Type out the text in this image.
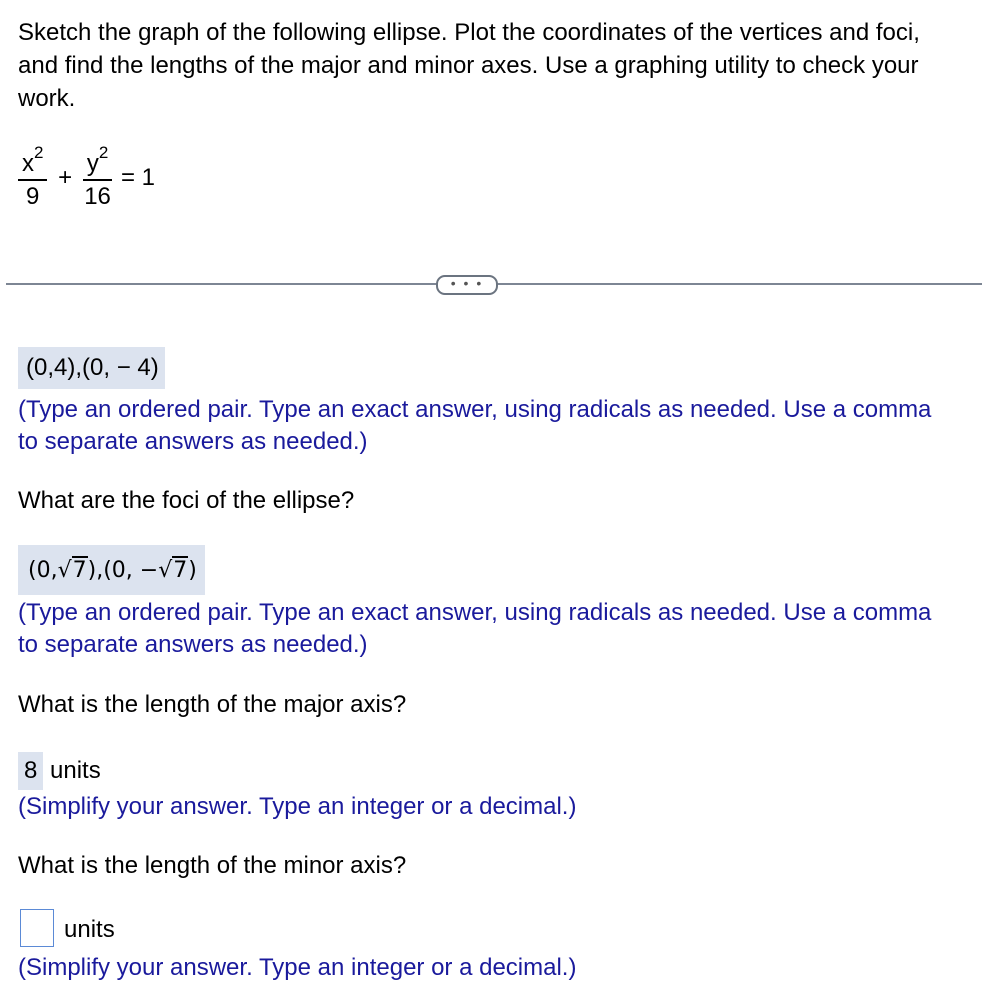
Sketch the graph of the following ellipse. Plot the coordinates of the vertices and foci, and find the lengths of the major and minor axes. Use a graphing utility to check your work.
$\frac{x^2}{9} + \frac{y^2}{16} = 1$
• • •
(0,4),(0, − 4)
(Type an ordered pair. Type an exact answer, using radicals as needed. Use a comma to separate answers as needed.)
What are the foci of the ellipse?
(0,√7),(0, −√7)
(Type an ordered pair. Type an exact answer, using radicals as needed. Use a comma to separate answers as needed.)
What is the length of the major axis?
8 units
(Simplify your answer. Type an integer or a decimal.)
What is the length of the minor axis?
units
(Simplify your answer. Type an integer or a decimal.)
